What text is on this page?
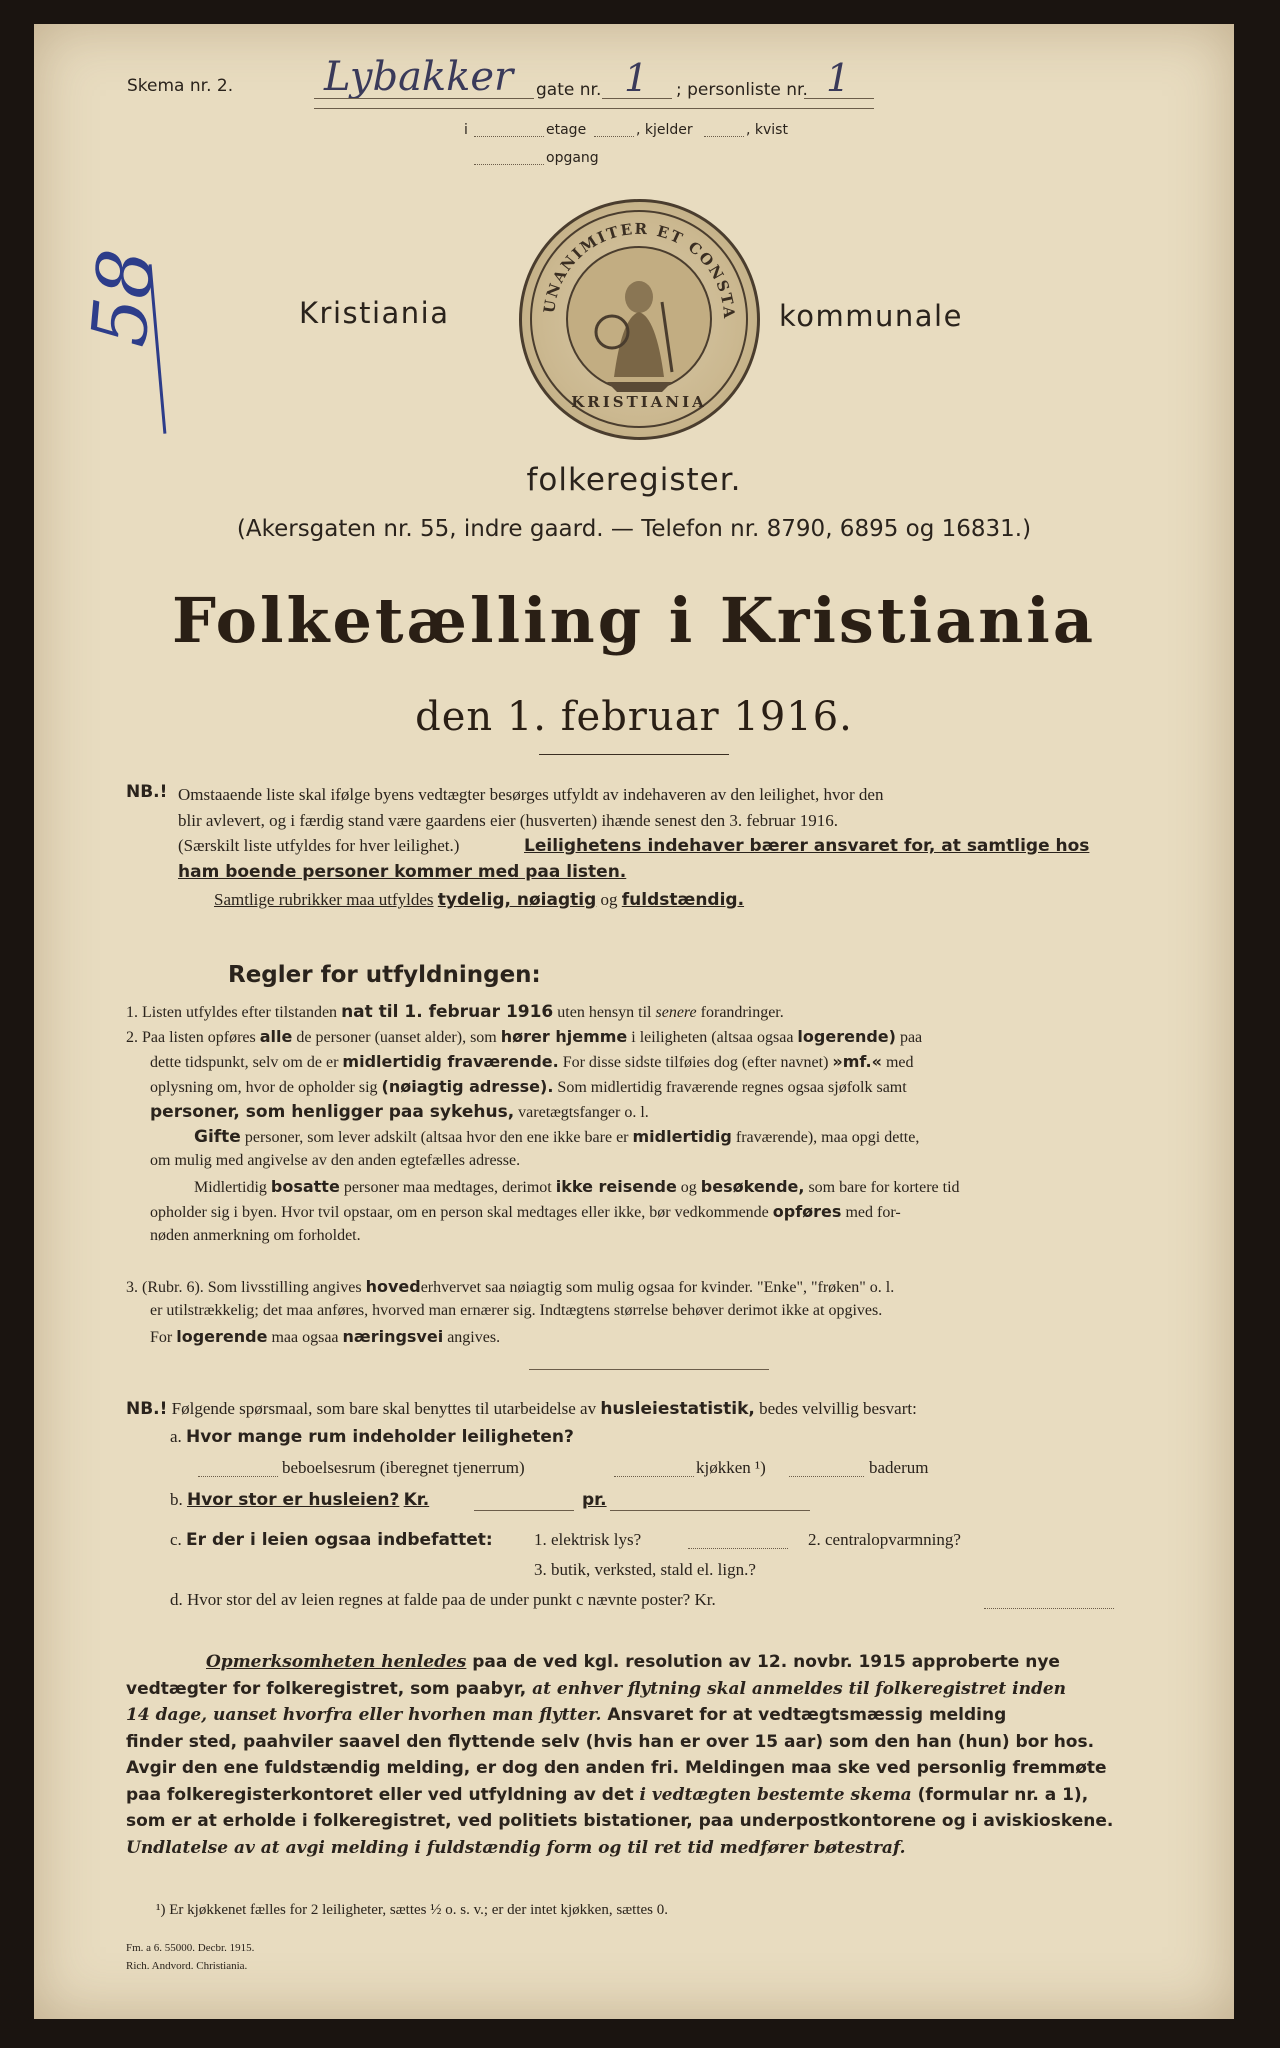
Skema nr. 2. Lybakker gate nr. 1 ; personliste nr. 1
i	etage	, kjelder	, kvist
opgang
58	Kristiania	kommunale
UNANIMITER ET CONSTA
KRISTIANIA
folkeregister.
(Akersgaten nr. 55, indre gaard. — Telefon nr. 8790, 6895 og 16831.)
Folketælling i Kristiania
den 1. februar 1916.
NB.! Omstaaende liste skal ifølge byens vedtægter besørges utfyldt av indehaveren av den leilighet, hvor den
blir avlevert, og i færdig stand være gaardens eier (husverten) ihænde senest den 3. februar 1916.
(Særskilt liste utfyldes for hver leilighet.)	Leilighetens indehaver bærer ansvaret for, at samtlige hos
ham boende personer kommer med paa listen.
Samtlige rubrikker maa utfyldes tydelig, nøiagtig og fuldstændig.
Regler for utfyldningen:
1. Listen utfyldes efter tilstanden nat til 1. februar 1916 uten hensyn til senere forandringer.
2. Paa listen opføres alle de personer (uanset alder), som hører hjemme i leiligheten (altsaa ogsaa logerende) paa
dette tidspunkt, selv om de er midlertidig fraværende. For disse sidste tilføies dog (efter navnet) »mf.« med
oplysning om, hvor de opholder sig (nøiagtig adresse). Som midlertidig fraværende regnes ogsaa sjøfolk samt
personer, som henligger paa sykehus, varetægtsfanger o. l.
Gifte personer, som lever adskilt (altsaa hvor den ene ikke bare er midlertidig fraværende), maa opgi dette,
om mulig med angivelse av den anden egtefælles adresse.
Midlertidig bosatte personer maa medtages, derimot ikke reisende og besøkende, som bare for kortere tid
opholder sig i byen. Hvor tvil opstaar, om en person skal medtages eller ikke, bør vedkommende opføres med for-
nøden anmerkning om forholdet.
3. (Rubr. 6). Som livsstilling angives hovederhvervet saa nøiagtig som mulig ogsaa for kvinder. "Enke", "frøken" o. l.
er utilstrækkelig; det maa anføres, hvorved man ernærer sig. Indtægtens størrelse behøver derimot ikke at opgives.
For logerende maa ogsaa næringsvei angives.
NB.! Følgende spørsmaal, som bare skal benyttes til utarbeidelse av husleiestatistik, bedes velvillig besvart:
a. Hvor mange rum indeholder leiligheten?
beboelsesrum (iberegnet tjenerrum)	kjøkken ¹)	baderum
b. Hvor stor er husleien? Kr.	pr.
c. Er der i leien ogsaa indbefattet: 1. elektrisk lys?	2. centralopvarmning?
3. butik, verksted, stald el. lign.?
d. Hvor stor del av leien regnes at falde paa de under punkt c nævnte poster? Kr.
Opmerksomheten henledes paa de ved kgl. resolution av 12. novbr. 1915 approberte nye
vedtægter for folkeregistret, som paabyr, at enhver flytning skal anmeldes til folkeregistret inden
14 dage, uanset hvorfra eller hvorhen man flytter. Ansvaret for at vedtægtsmæssig melding
finder sted, paahviler saavel den flyttende selv (hvis han er over 15 aar) som den han (hun) bor hos.
Avgir den ene fuldstændig melding, er dog den anden fri. Meldingen maa ske ved personlig fremmøte
paa folkeregisterkontoret eller ved utfyldning av det i vedtægten bestemte skema (formular nr. a 1),
som er at erholde i folkeregistret, ved politiets bistationer, paa underpostkontorene og i aviskioskene.
Undlatelse av at avgi melding i fuldstændig form og til ret tid medfører bøtestraf.
¹) Er kjøkkenet fælles for 2 leiligheter, sættes ½ o. s. v.; er der intet kjøkken, sættes 0.
Fm. a 6. 55000. Decbr. 1915.
Rich. Andvord. Christiania.
